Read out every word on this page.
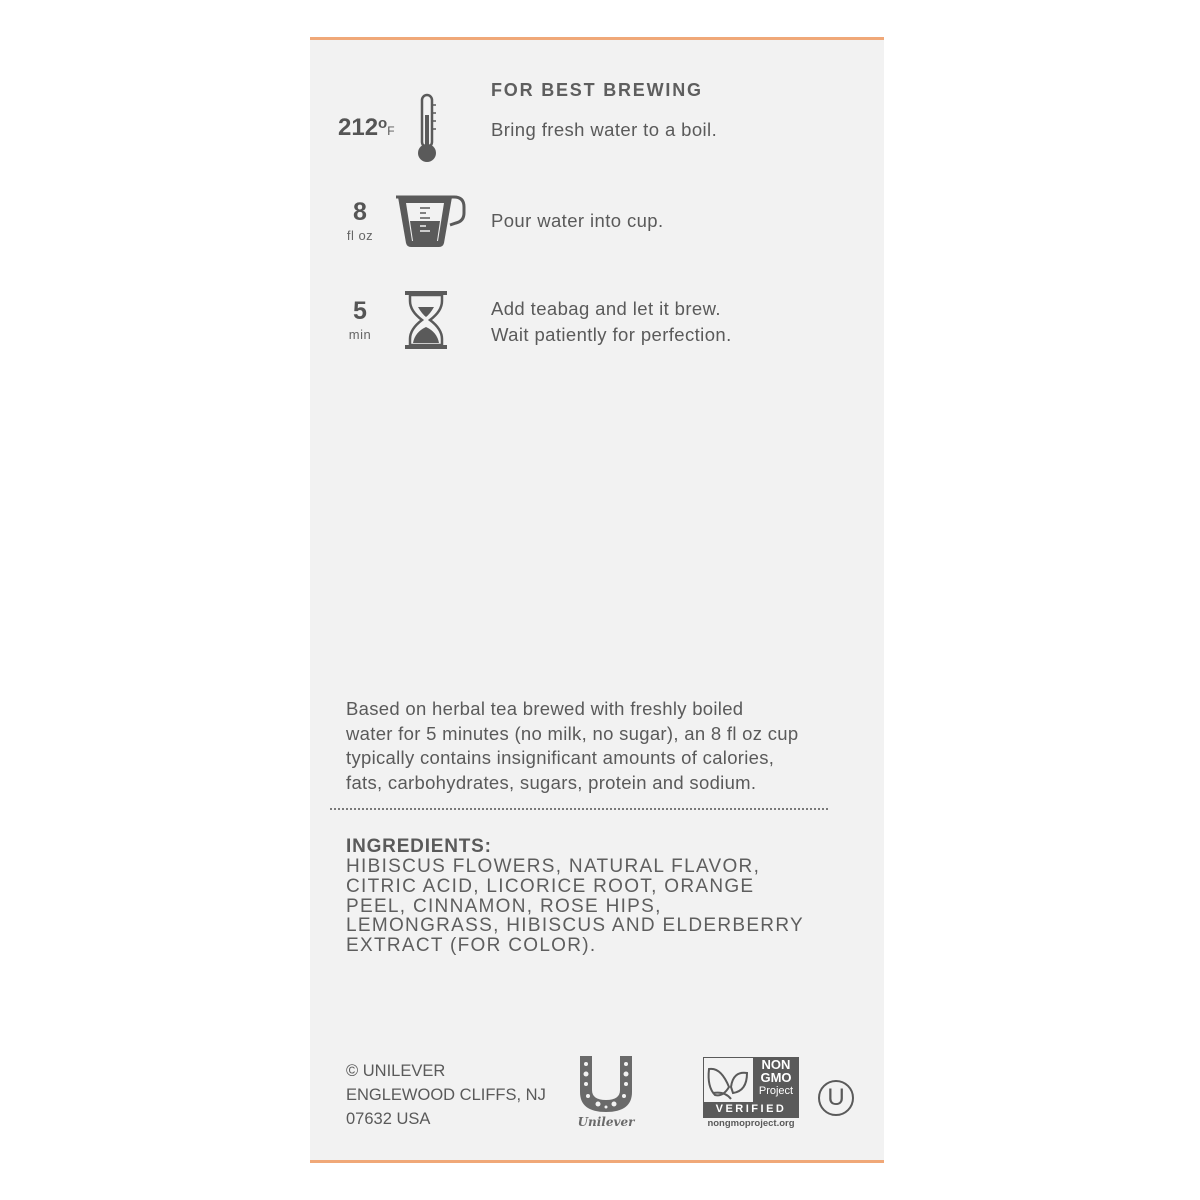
FOR BEST BREWING
212$^o$F	Bring fresh water to a boil.
8
fl oz
Pour water into cup.
5
min
Add teabag and let it brew.
Wait patiently for perfection.
Based on herbal tea brewed with freshly boiled
water for 5 minutes (no milk, no sugar), an 8 fl oz cup
typically contains insignificant amounts of calories,
fats, carbohydrates, sugars, protein and sodium.
INGREDIENTS:
HIBISCUS FLOWERS, NATURAL FLAVOR,
CITRIC ACID, LICORICE ROOT, ORANGE
PEEL, CINNAMON, ROSE HIPS,
LEMONGRASS, HIBISCUS AND ELDERBERRY
EXTRACT (FOR COLOR).
© UNILEVER
ENGLEWOOD CLIFFS, NJ
07632 USA	Unilever
NON
GMO
Project
VERIFIED
nongmoproject.org
U
